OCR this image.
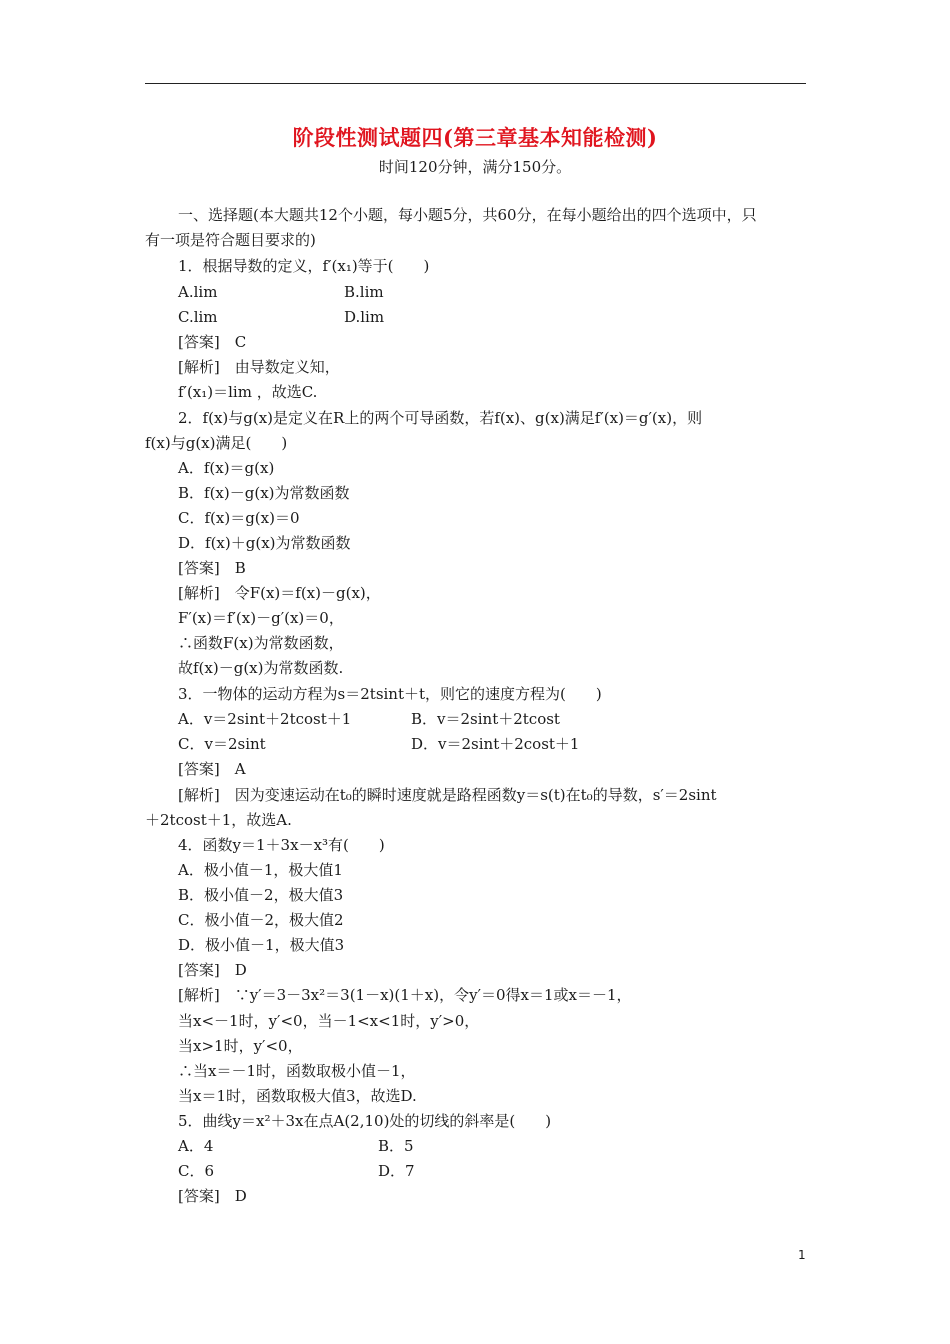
阶段性测试题四(第三章基本知能检测)
时间120分钟，满分150分。
一、选择题(本大题共12个小题，每小题5分，共60分，在每小题给出的四个选项中，只
有一项是符合题目要求的)
1．根据导数的定义，f′(x₁)等于(　　)
A.lim	B.lim
C.lim	D.lim
[答案]　C
[解析]　由导数定义知，
f′(x₁)＝lim ，故选C.
2．f(x)与g(x)是定义在R上的两个可导函数，若f(x)、g(x)满足f′(x)＝g′(x)，则
f(x)与g(x)满足(　　)
A．f(x)＝g(x)
B．f(x)－g(x)为常数函数
C．f(x)＝g(x)＝0
D．f(x)＋g(x)为常数函数
[答案]　B
[解析]　令F(x)＝f(x)－g(x)，
F′(x)＝f′(x)－g′(x)＝0，
∴函数F(x)为常数函数，
故f(x)－g(x)为常数函数.
3．一物体的运动方程为s＝2tsint＋t，则它的速度方程为(　　)
A．v＝2sint＋2tcost＋1	B．v＝2sint＋2tcost
C．v＝2sint	D．v＝2sint＋2cost＋1
[答案]　A
[解析]　因为变速运动在t₀的瞬时速度就是路程函数y＝s(t)在t₀的导数，s′＝2sint
＋2tcost＋1，故选A.
4．函数y＝1＋3x－x³有(　　)
A．极小值－1，极大值1
B．极小值－2，极大值3
C．极小值－2，极大值2
D．极小值－1，极大值3
[答案]　D
[解析]　∵y′＝3－3x²＝3(1－x)(1＋x)，令y′＝0得x＝1或x＝－1，
当x<－1时，y′<0，当－1<x<1时，y′>0，
当x>1时，y′<0，
∴当x＝－1时，函数取极小值－1，
当x＝1时，函数取极大值3，故选D.
5．曲线y＝x²＋3x在点A(2,10)处的切线的斜率是(　　)
A．4	B．5
C．6	D．7
[答案]　D
1
